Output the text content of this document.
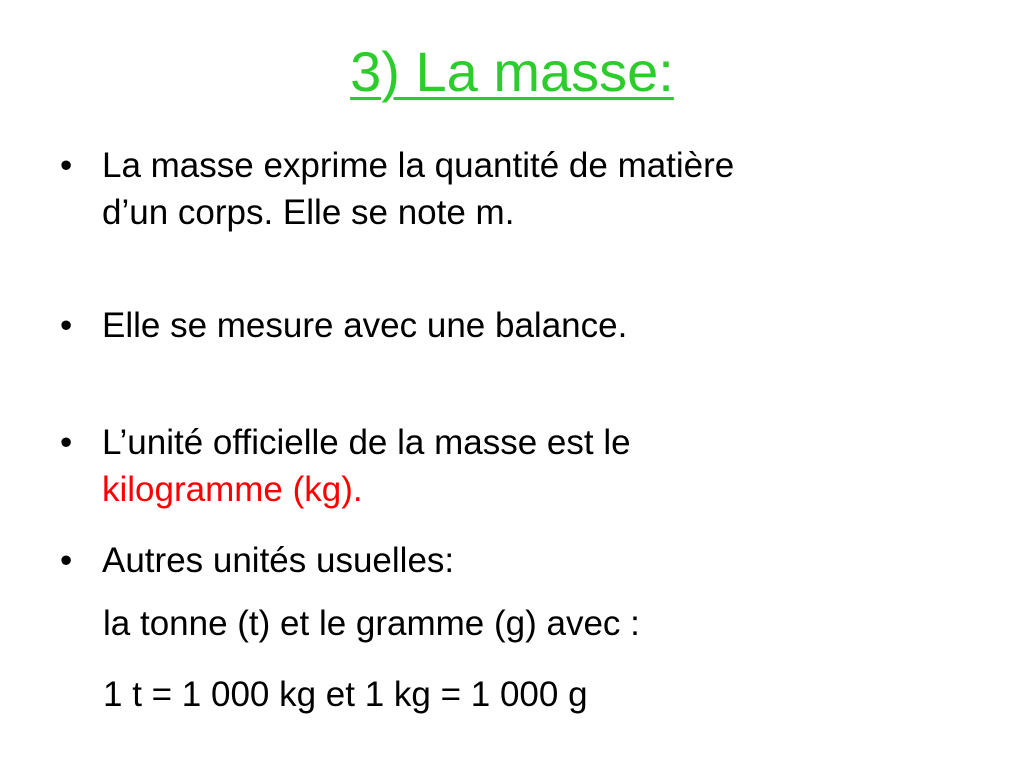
3) La masse:
• La masse exprime la quantité de matière
d’un corps. Elle se note m.
• Elle se mesure avec une balance.
• L’unité officielle de la masse est le
kilogramme (kg).
• Autres unités usuelles:
la tonne (t) et le gramme (g) avec :
1 t = 1 000 kg et 1 kg = 1 000 g
